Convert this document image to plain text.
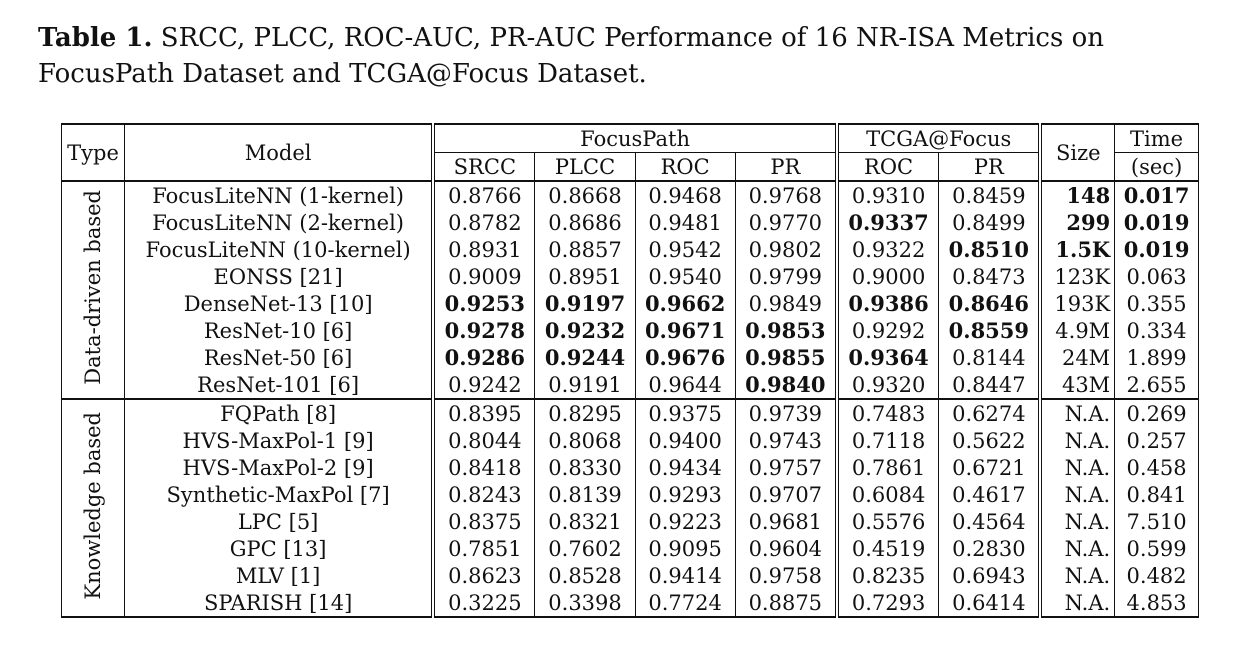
Table 1. SRCC, PLCC, ROC-AUC, PR-AUC Performance of 16 NR-ISA Metrics on FocusPath Dataset and TCGA@Focus Dataset.

Type	Model	FocusPath				TCGA@Focus		Size	Time
		SRCC	PLCC	ROC	PR	ROC	PR		(sec)
Data-driven based	FocusLiteNN (1-kernel)	0.8766	0.8668	0.9468	0.9768	0.9310	0.8459	148	0.017
	FocusLiteNN (2-kernel)	0.8782	0.8686	0.9481	0.9770	0.9337	0.8499	299	0.019
	FocusLiteNN (10-kernel)	0.8931	0.8857	0.9542	0.9802	0.9322	0.8510	1.5K	0.019
	EONSS [21]	0.9009	0.8951	0.9540	0.9799	0.9000	0.8473	123K	0.063
	DenseNet-13 [10]	0.9253	0.9197	0.9662	0.9849	0.9386	0.8646	193K	0.355
	ResNet-10 [6]	0.9278	0.9232	0.9671	0.9853	0.9292	0.8559	4.9M	0.334
	ResNet-50 [6]	0.9286	0.9244	0.9676	0.9855	0.9364	0.8144	24M	1.899
	ResNet-101 [6]	0.9242	0.9191	0.9644	0.9840	0.9320	0.8447	43M	2.655
Knowledge based	FQPath [8]	0.8395	0.8295	0.9375	0.9739	0.7483	0.6274	N.A.	0.269
	HVS-MaxPol-1 [9]	0.8044	0.8068	0.9400	0.9743	0.7118	0.5622	N.A.	0.257
	HVS-MaxPol-2 [9]	0.8418	0.8330	0.9434	0.9757	0.7861	0.6721	N.A.	0.458
	Synthetic-MaxPol [7]	0.8243	0.8139	0.9293	0.9707	0.6084	0.4617	N.A.	0.841
	LPC [5]	0.8375	0.8321	0.9223	0.9681	0.5576	0.4564	N.A.	7.510
	GPC [13]	0.7851	0.7602	0.9095	0.9604	0.4519	0.2830	N.A.	0.599
	MLV [1]	0.8623	0.8528	0.9414	0.9758	0.8235	0.6943	N.A.	0.482
	SPARISH [14]	0.3225	0.3398	0.7724	0.8875	0.7293	0.6414	N.A.	4.853
